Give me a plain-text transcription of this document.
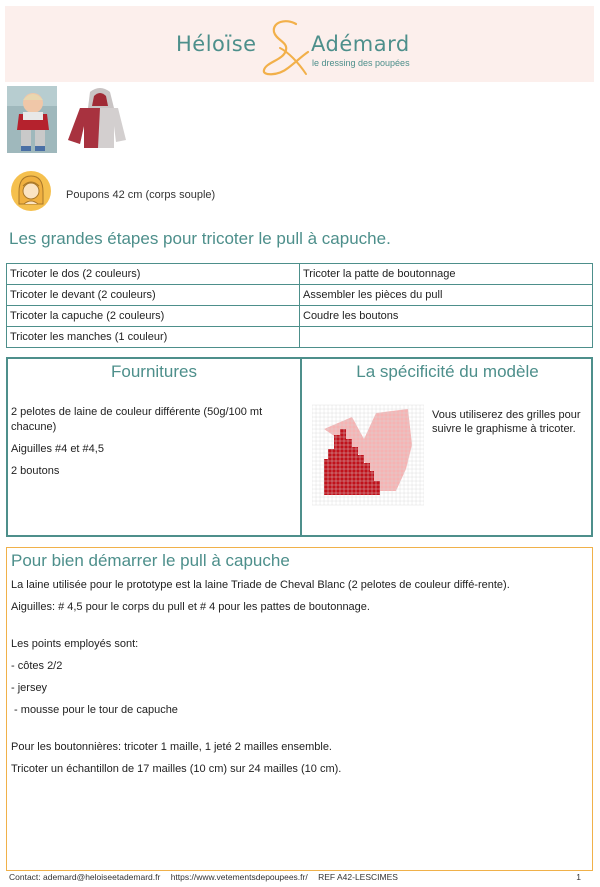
Héloïse	Adémard
le dressing des poupées
Poupons 42 cm (corps souple)
Les grandes étapes pour tricoter le pull à capuche.
Tricoter le dos (2 couleurs)	Tricoter la patte de boutonnage
Tricoter le devant (2 couleurs)	Assembler les pièces du pull
Tricoter la capuche (2 couleurs)	Coudre les boutons
Tricoter les manches (1 couleur)	
Fournitures
2 pelotes de laine de couleur différente (50g/100 mt chacune)
Aiguilles #4 et #4,5
2 boutons
La spécificité du modèle
Vous utiliserez des grilles pour suivre le graphisme à tricoter.
Pour bien démarrer le pull à capuche

La laine utilisée pour le prototype est la laine Triade de Cheval Blanc (2 pelotes de couleur diffé-rente).

Aiguilles: # 4,5 pour le corps du pull et # 4 pour les pattes de boutonnage.

Les points employés sont:

- côtes 2/2

- jersey

- mousse pour le tour de capuche

Pour les boutonnières: tricoter 1 maille, 1 jeté 2 mailles ensemble.

Tricoter un échantillon de 17 mailles (10 cm) sur 24 mailles (10 cm).

Contact: ademard@heloiseetademard.fr https://www.vetementsdepoupees.fr/ REF A42-LESCIMES	1
